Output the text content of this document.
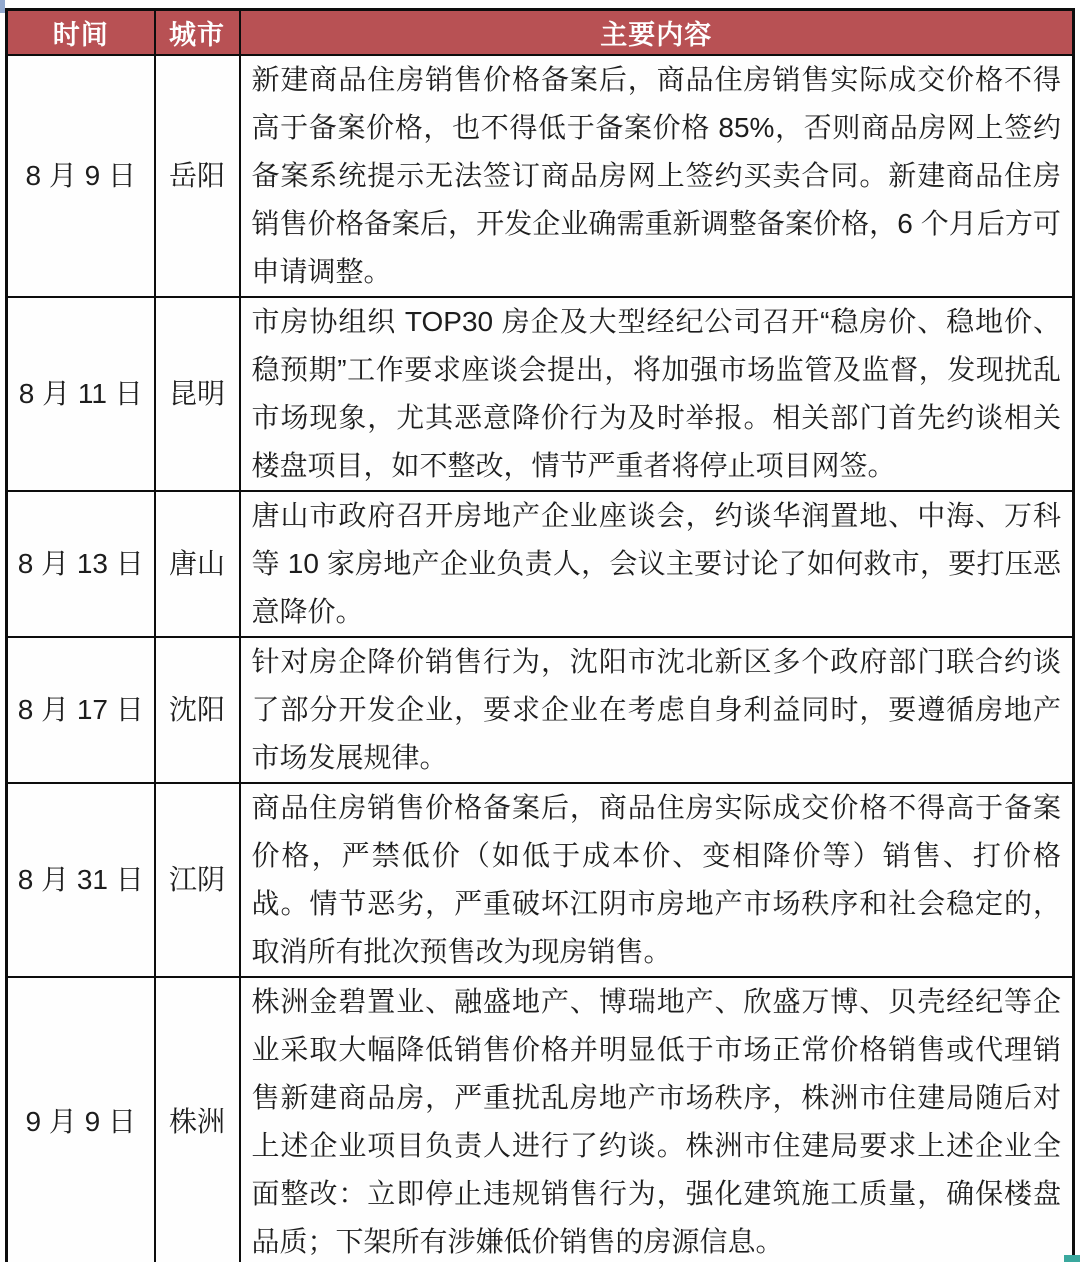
时间	城市	主要内容
8 月 9 日	岳阳	新建商品住房销售价格备案后，商品住房销售实际成交价格不得高于备案价格，也不得低于备案价格 85%，否则商品房网上签约备案系统提示无法签订商品房网上签约买卖合同。新建商品住房销售价格备案后，开发企业确需重新调整备案价格，6 个月后方可申请调整。
8 月 11 日	昆明	市房协组织 TOP30 房企及大型经纪公司召开“稳房价、稳地价、稳预期”工作要求座谈会提出，将加强市场监管及监督，发现扰乱市场现象，尤其恶意降价行为及时举报。相关部门首先约谈相关楼盘项目，如不整改，情节严重者将停止项目网签。
8 月 13 日	唐山	唐山市政府召开房地产企业座谈会，约谈华润置地、中海、万科等 10 家房地产企业负责人，会议主要讨论了如何救市，要打压恶意降价。
8 月 17 日	沈阳	针对房企降价销售行为，沈阳市沈北新区多个政府部门联合约谈了部分开发企业，要求企业在考虑自身利益同时，要遵循房地产市场发展规律。
8 月 31 日	江阴	商品住房销售价格备案后，商品住房实际成交价格不得高于备案价格，严禁低价（如低于成本价、变相降价等）销售、打价格战。情节恶劣，严重破坏江阴市房地产市场秩序和社会稳定的，取消所有批次预售改为现房销售。
9 月 9 日	株洲	株洲金碧置业、融盛地产、博瑞地产、欣盛万博、贝壳经纪等企业采取大幅降低销售价格并明显低于市场正常价格销售或代理销售新建商品房，严重扰乱房地产市场秩序，株洲市住建局随后对上述企业项目负责人进行了约谈。株洲市住建局要求上述企业全面整改：立即停止违规销售行为，强化建筑施工质量，确保楼盘品质；下架所有涉嫌低价销售的房源信息。
